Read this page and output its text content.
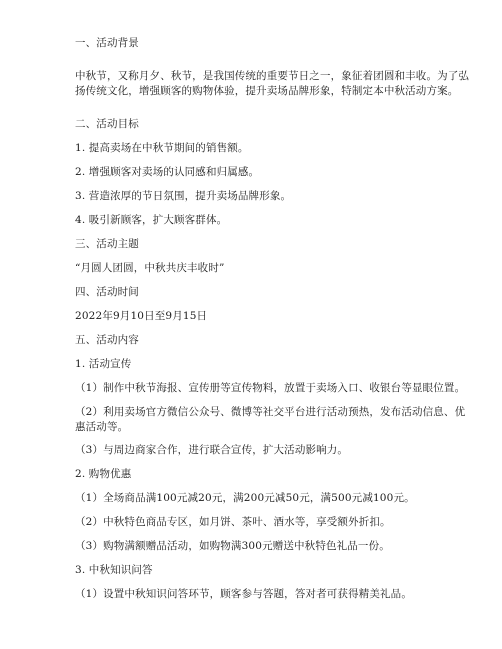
一、活动背景
中秋节，又称月夕、秋节，是我国传统的重要节日之一，象征着团圆和丰收。为了弘扬传统文化，增强顾客的购物体验，提升卖场品牌形象，特制定本中秋活动方案。
二、活动目标
1. 提高卖场在中秋节期间的销售额。
2. 增强顾客对卖场的认同感和归属感。
3. 营造浓厚的节日氛围，提升卖场品牌形象。
4. 吸引新顾客，扩大顾客群体。
三、活动主题
“月圆人团圆，中秋共庆丰收时”
四、活动时间
2022年9月10日至9月15日
五、活动内容
1. 活动宣传
（1）制作中秋节海报、宣传册等宣传物料，放置于卖场入口、收银台等显眼位置。
（2）利用卖场官方微信公众号、微博等社交平台进行活动预热，发布活动信息、优惠活动等。
（3）与周边商家合作，进行联合宣传，扩大活动影响力。
2. 购物优惠
（1）全场商品满100元减20元，满200元减50元，满500元减100元。
（2）中秋特色商品专区，如月饼、茶叶、酒水等，享受额外折扣。
（3）购物满额赠品活动，如购物满300元赠送中秋特色礼品一份。
3. 中秋知识问答
（1）设置中秋知识问答环节，顾客参与答题，答对者可获得精美礼品。
